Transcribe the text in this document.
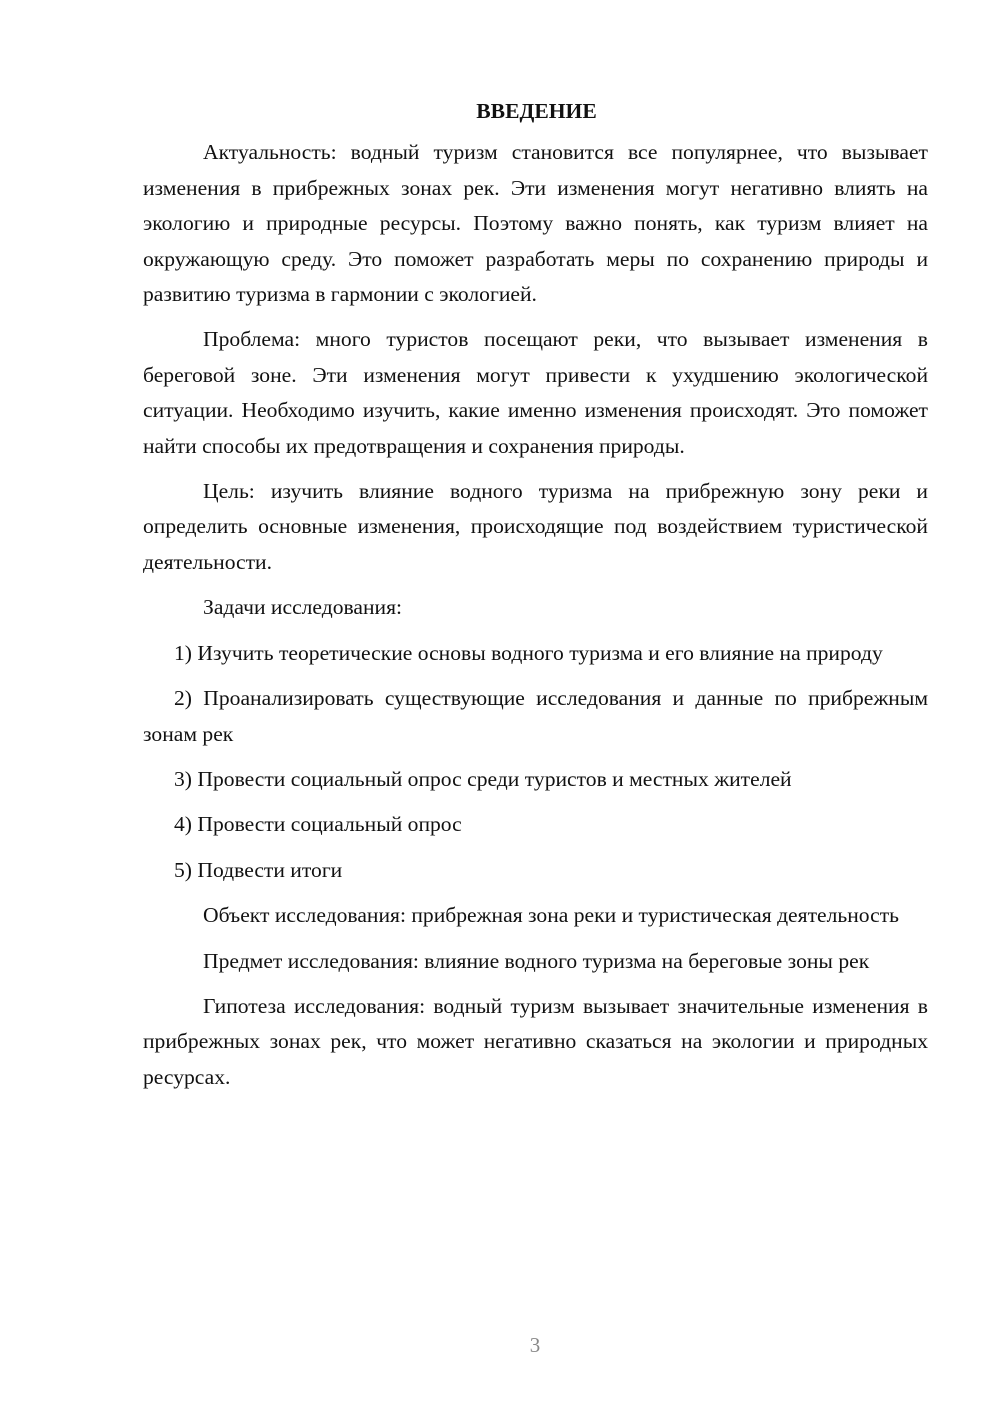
ВВЕДЕНИЕ

Актуальность: водный туризм становится все популярнее, что вызывает изменения в прибрежных зонах рек. Эти изменения могут негативно влиять на экологию и природные ресурсы. Поэтому важно понять, как туризм влияет на окружающую среду. Это поможет разработать меры по сохранению природы и развитию туризма в гармонии с экологией.

Проблема: много туристов посещают реки, что вызывает изменения в береговой зоне. Эти изменения могут привести к ухудшению экологической ситуации. Необходимо изучить, какие именно изменения происходят. Это поможет найти способы их предотвращения и сохранения природы.

Цель: изучить влияние водного туризма на прибрежную зону реки и определить основные изменения, происходящие под воздействием туристической деятельности.

Задачи исследования:

1) Изучить теоретические основы водного туризма и его влияние на природу

2) Проанализировать существующие исследования и данные по прибрежным зонам рек

3) Провести социальный опрос среди туристов и местных жителей

4) Провести социальный опрос

5) Подвести итоги

Объект исследования: прибрежная зона реки и туристическая деятельность

Предмет исследования: влияние водного туризма на береговые зоны рек

Гипотеза исследования: водный туризм вызывает значительные изменения в прибрежных зонах рек, что может негативно сказаться на экологии и природных ресурсах.

3
